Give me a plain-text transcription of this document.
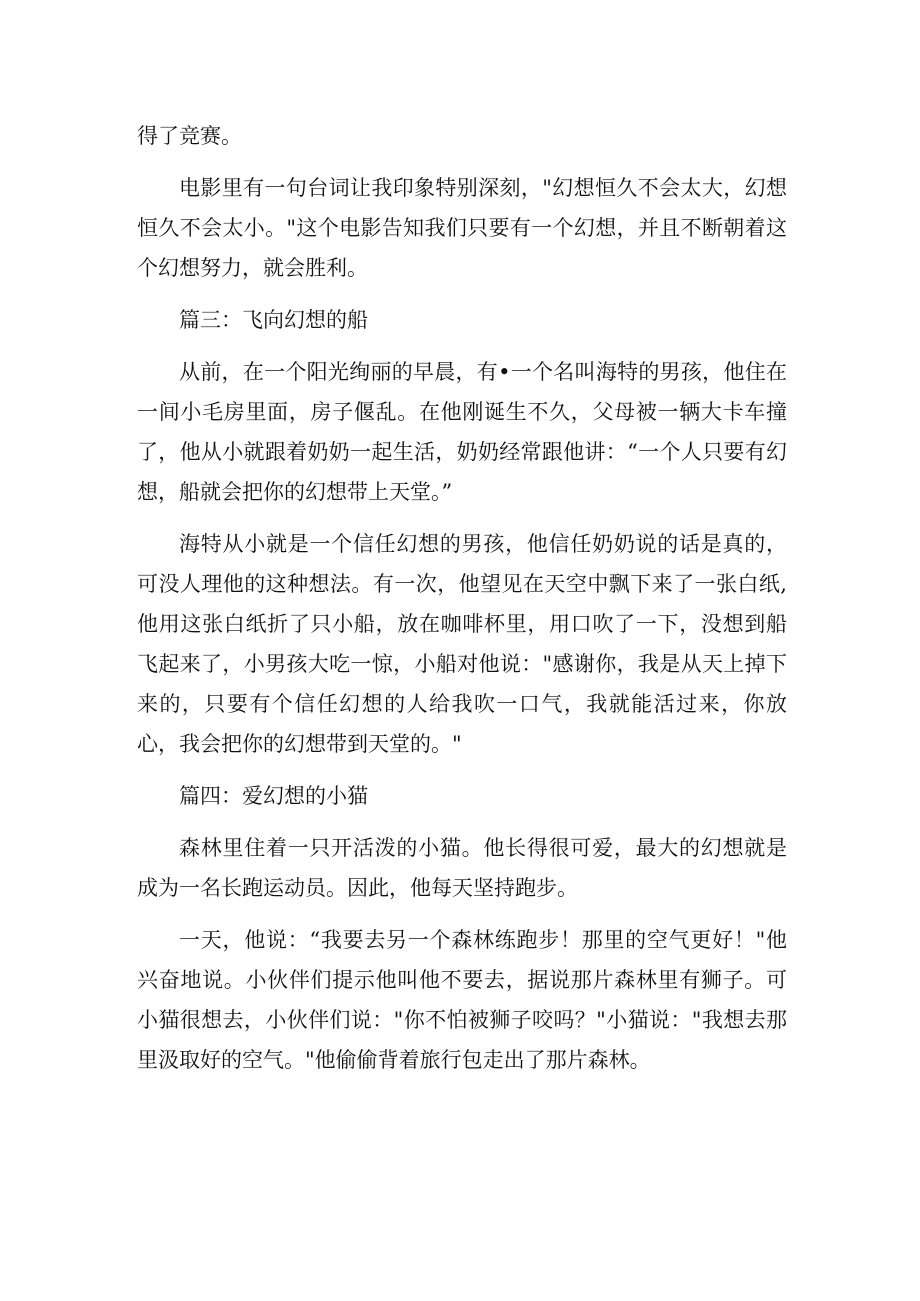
得了竞赛。

电影里有一句台词让我印象特别深刻，"幻想恒久不会太大，幻想恒久不会太小。"这个电影告知我们只要有一个幻想，并且不断朝着这个幻想努力，就会胜利。

篇三：飞向幻想的船

从前，在一个阳光绚丽的早晨，有•一个名叫海特的男孩，他住在一间小毛房里面，房子偃乱。在他刚诞生不久，父母被一辆大卡车撞了，他从小就跟着奶奶一起生活，奶奶经常跟他讲：“一个人只要有幻想，船就会把你的幻想带上天堂。”

海特从小就是一个信任幻想的男孩，他信任奶奶说的话是真的，可没人理他的这种想法。有一次，他望见在天空中飘下来了一张白纸,他用这张白纸折了只小船，放在咖啡杯里，用口吹了一下，没想到船飞起来了，小男孩大吃一惊，小船对他说："感谢你，我是从天上掉下来的，只要有个信任幻想的人给我吹一口气，我就能活过来，你放心，我会把你的幻想带到天堂的。"

篇四：爱幻想的小猫

森林里住着一只开活泼的小猫。他长得很可爱，最大的幻想就是成为一名长跑运动员。因此，他每天坚持跑步。

一天，他说：“我要去另一个森林练跑步！那里的空气更好！"他兴奋地说。小伙伴们提示他叫他不要去，据说那片森林里有狮子。可小猫很想去，小伙伴们说："你不怕被狮子咬吗？"小猫说："我想去那里汲取好的空气。"他偷偷背着旅行包走出了那片森林。
